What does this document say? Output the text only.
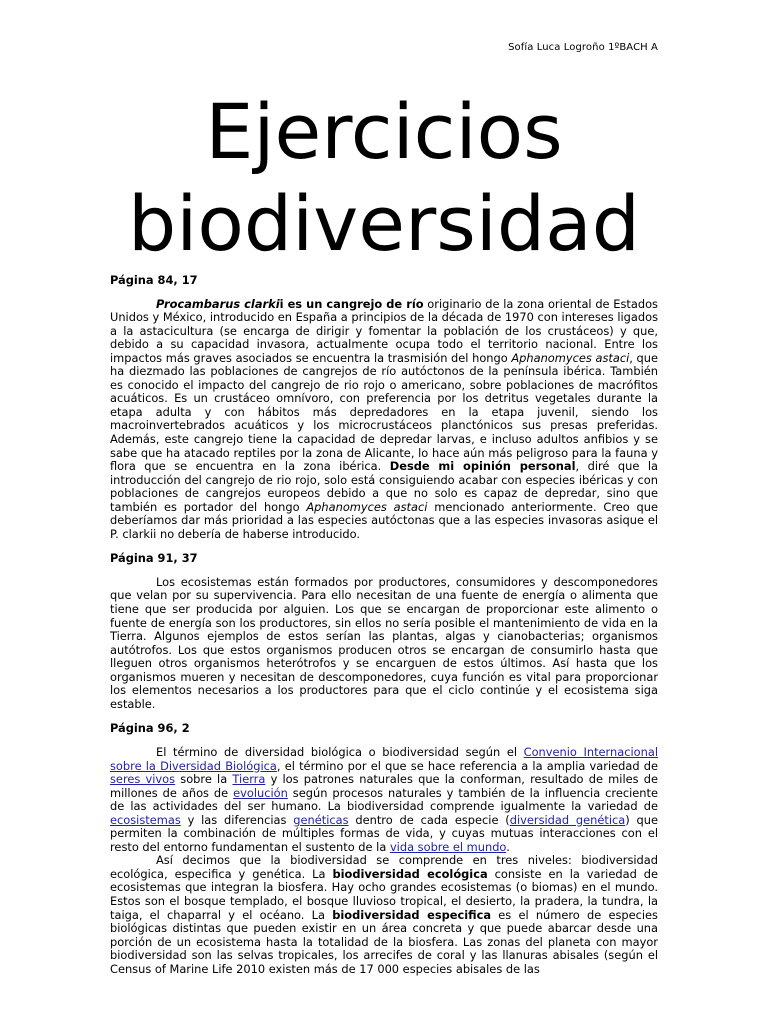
Sofía Luca Logroño 1ºBACH A
Ejercicios
biodiversidad
Página 84, 17

Procambarus clarkii es un cangrejo de río originario de la zona oriental de Estados Unidos y México, introducido en España a principios de la década de 1970 con intereses ligados a la astacicultura (se encarga de dirigir y fomentar la población de los crustáceos) y que, debido a su capacidad invasora, actualmente ocupa todo el territorio nacional. Entre los impactos más graves asociados se encuentra la trasmisión del hongo Aphanomyces astaci, que ha diezmado las poblaciones de cangrejos de río autóctonos de la península ibérica. También es conocido el impacto del cangrejo de rio rojo o americano, sobre poblaciones de macrófitos acuáticos. Es un crustáceo omnívoro, con preferencia por los detritus vegetales durante la etapa adulta y con hábitos más depredadores en la etapa juvenil, siendo los macroinvertebrados acuáticos y los microcrustáceos planctónicos sus presas preferidas. Además, este cangrejo tiene la capacidad de depredar larvas, e incluso adultos anfibios y se sabe que ha atacado reptiles por la zona de Alicante, lo hace aún más peligroso para la fauna y flora que se encuentra en la zona ibérica. Desde mi opinión personal, diré que la introducción del cangrejo de rio rojo, solo está consiguiendo acabar con especies ibéricas y con poblaciones de cangrejos europeos debido a que no solo es capaz de depredar, sino que también es portador del hongo Aphanomyces astaci mencionado anteriormente. Creo que deberíamos dar más prioridad a las especies autóctonas que a las especies invasoras asique el P. clarkii no debería de haberse introducido.

Página 91, 37

Los ecosistemas están formados por productores, consumidores y descomponedores que velan por su supervivencia. Para ello necesitan de una fuente de energía o alimenta que tiene que ser producida por alguien. Los que se encargan de proporcionar este alimento o fuente de energía son los productores, sin ellos no sería posible el mantenimiento de vida en la Tierra. Algunos ejemplos de estos serían las plantas, algas y cianobacterias; organismos autótrofos. Los que estos organismos producen otros se encargan de consumirlo hasta que lleguen otros organismos heterótrofos y se encarguen de estos últimos. Así hasta que los organismos mueren y necesitan de descomponedores, cuya función es vital para proporcionar los elementos necesarios a los productores para que el ciclo continúe y el ecosistema siga estable.

Página 96, 2

El término de diversidad biológica o biodiversidad según el Convenio Internacional sobre la Diversidad Biológica, el término por el que se hace referencia a la amplia variedad de seres vivos sobre la Tierra y los patrones naturales que la conforman, resultado de miles de millones de años de evolución según procesos naturales y también de la influencia creciente de las actividades del ser humano. La biodiversidad comprende igualmente la variedad de ecosistemas y las diferencias genéticas dentro de cada especie (diversidad genética) que permiten la combinación de múltiples formas de vida, y cuyas mutuas interacciones con el resto del entorno fundamentan el sustento de la vida sobre el mundo.

Así decimos que la biodiversidad se comprende en tres niveles: biodiversidad ecológica, especifica y genética. La biodiversidad ecológica consiste en la variedad de ecosistemas que integran la biosfera. Hay ocho grandes ecosistemas (o biomas) en el mundo. Estos son el bosque templado, el bosque lluvioso tropical, el desierto, la pradera, la tundra, la taiga, el chaparral y el océano. La biodiversidad especifica es el número de especies biológicas distintas que pueden existir en un área concreta y que puede abarcar desde una porción de un ecosistema hasta la totalidad de la biosfera. Las zonas del planeta con mayor biodiversidad son las selvas tropicales, los arrecifes de coral y las llanuras abisales (según el Census of Marine Life 2010 existen más de 17 000 especies abisales de las
